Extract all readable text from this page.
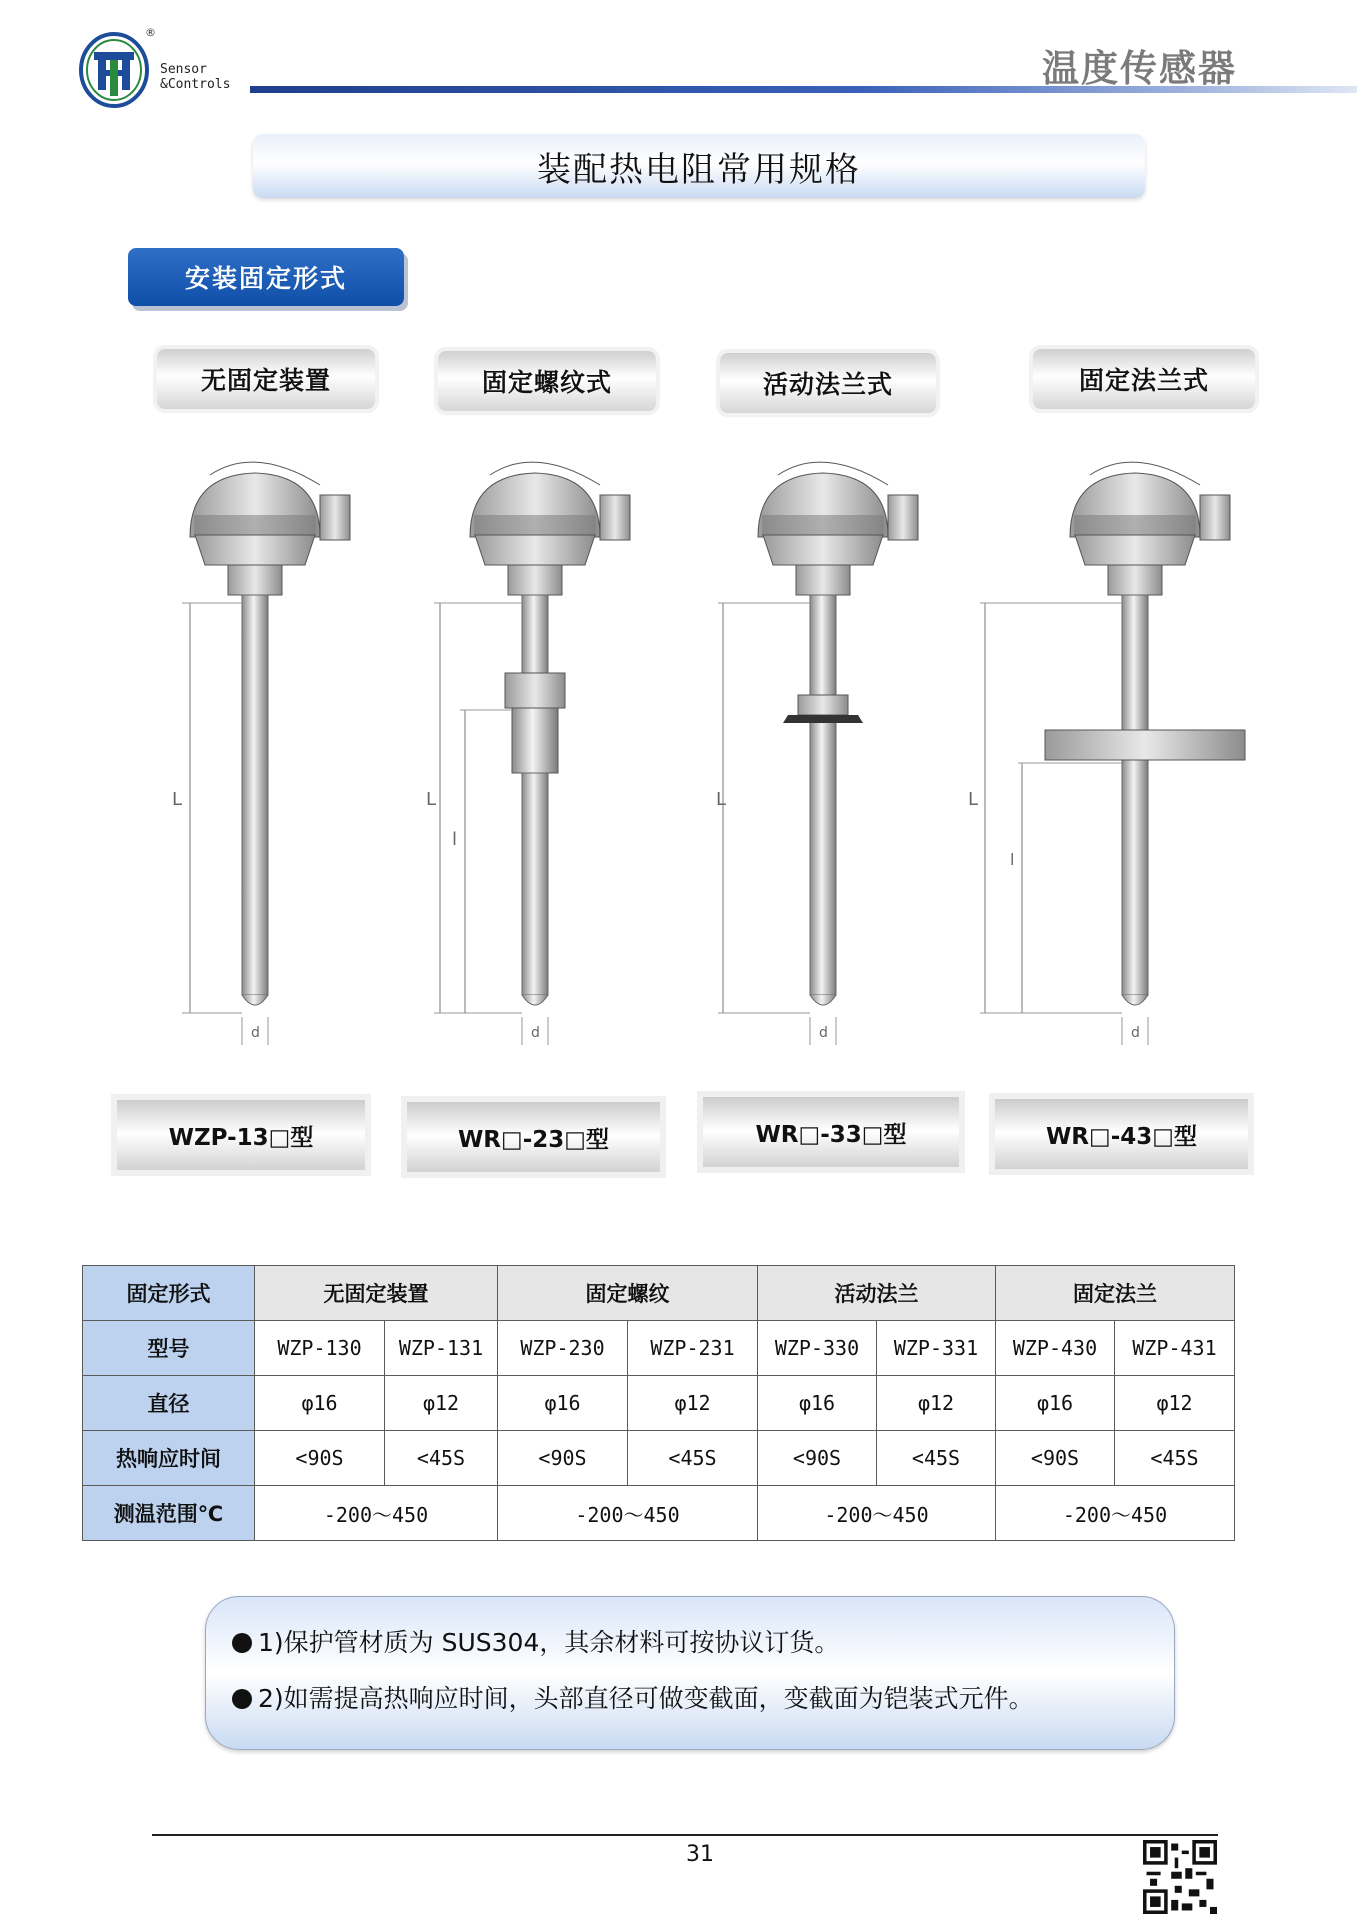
®
Sensor
&Controls	温度传感器
装配热电阻常用规格
安装固定形式
无固定装置	固定螺纹式	活动法兰式	固定法兰式
L
d
L
l
d
L
d
L
l
d
WZP-13□型	WR□-23□型	WR□-33□型	WR□-43□型
固定形式	无固定装置		固定螺纹		活动法兰		固定法兰	
型号	WZP-130	WZP-131	WZP-230	WZP-231	WZP-330	WZP-331	WZP-430	WZP-431
直径	φ16	φ12	φ16	φ12	φ16	φ12	φ16	φ12
热响应时间	<90S	<45S	<90S	<45S	<90S	<45S	<90S	<45S
测温范围℃	-200～450		-200～450		-200～450		-200～450	
1)保护管材质为 SUS304，其余材料可按协议订货。
2)如需提高热响应时间，头部直径可做变截面，变截面为铠装式元件。
31
